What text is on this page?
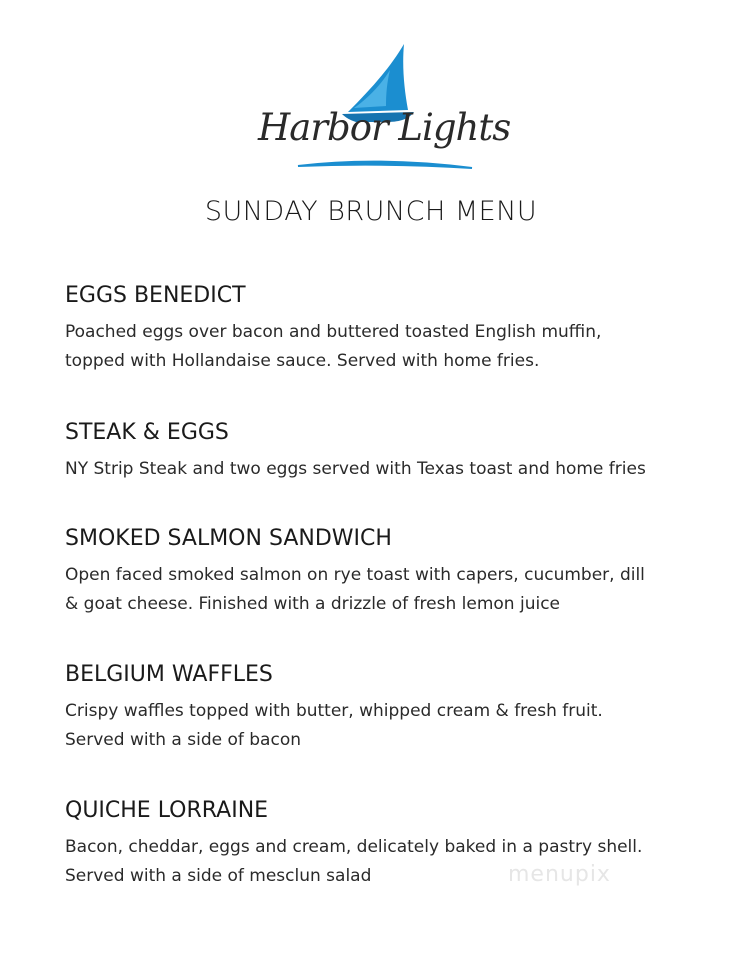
Harbor Lights
SUNDAY BRUNCH MENU
EGGS BENEDICT
Poached eggs over bacon and buttered toasted English muffin,
topped with Hollandaise sauce. Served with home fries.
STEAK & EGGS
NY Strip Steak and two eggs served with Texas toast and home fries
SMOKED SALMON SANDWICH
Open faced smoked salmon on rye toast with capers, cucumber, dill
& goat cheese. Finished with a drizzle of fresh lemon juice
BELGIUM WAFFLES
Crispy waffles topped with butter, whipped cream & fresh fruit.
Served with a side of bacon
QUICHE LORRAINE
Bacon, cheddar, eggs and cream, delicately baked in a pastry shell.
Served with a side of mesclun salad	menupix
